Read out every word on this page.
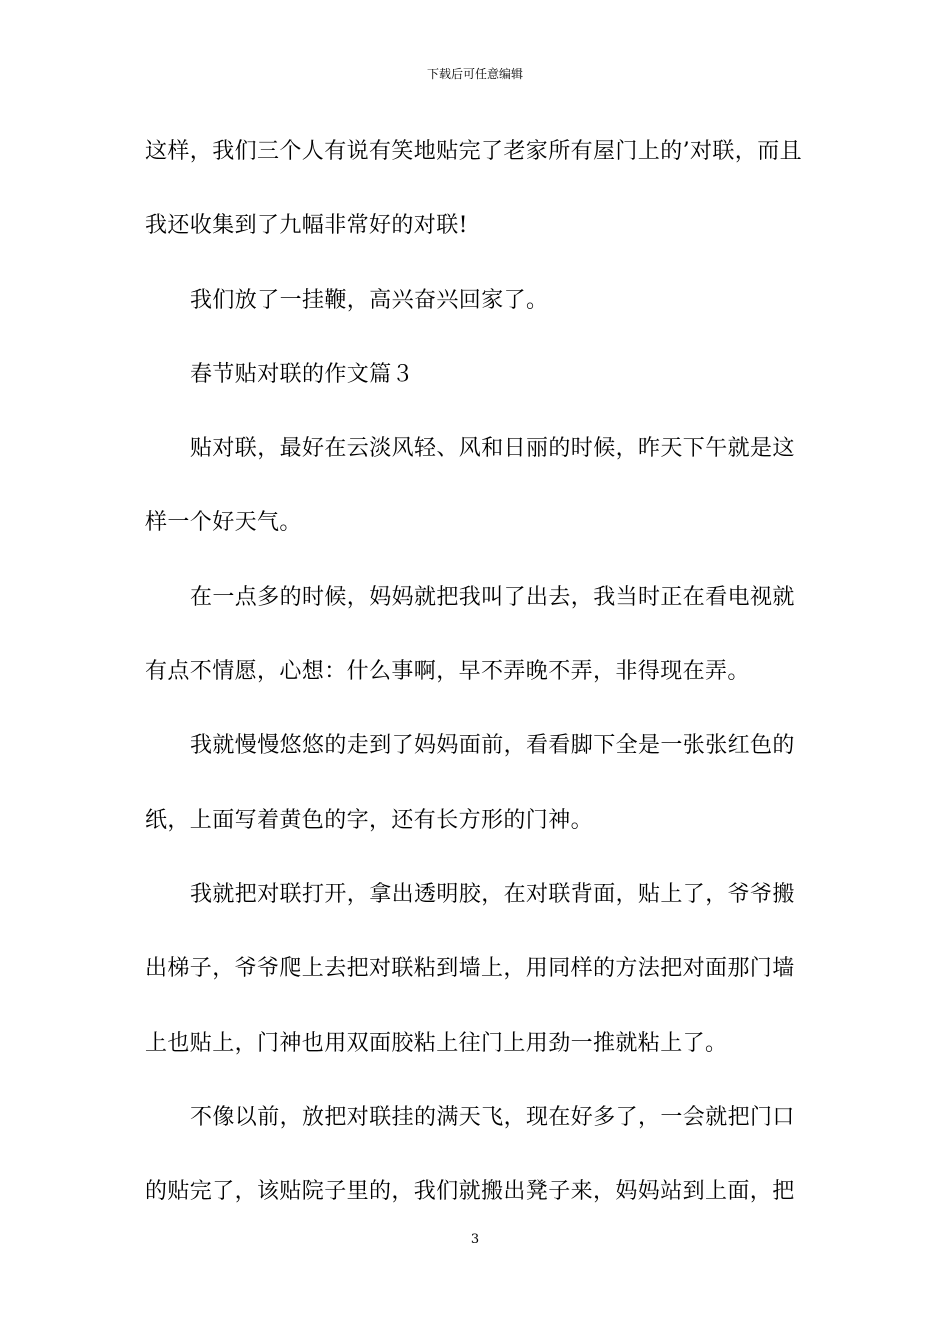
下载后可任意编辑
这样，我们三个人有说有笑地贴完了老家所有屋门上的’对联，而且
我还收集到了九幅非常好的对联!
我们放了一挂鞭，高兴奋兴回家了。
春节贴对联的作文篇３
贴对联，最好在云淡风轻、风和日丽的时候，昨天下午就是这
样一个好天气。
在一点多的时候，妈妈就把我叫了出去，我当时正在看电视就
有点不情愿，心想：什么事啊，早不弄晚不弄，非得现在弄。
我就慢慢悠悠的走到了妈妈面前，看看脚下全是一张张红色的
纸，上面写着黄色的字，还有长方形的门神。
我就把对联打开，拿出透明胶，在对联背面，贴上了，爷爷搬
出梯子，爷爷爬上去把对联粘到墙上，用同样的方法把对面那门墙
上也贴上，门神也用双面胶粘上往门上用劲一推就粘上了。
不像以前，放把对联挂的满天飞，现在好多了，一会就把门口
的贴完了，该贴院子里的，我们就搬出凳子来，妈妈站到上面，把
3
